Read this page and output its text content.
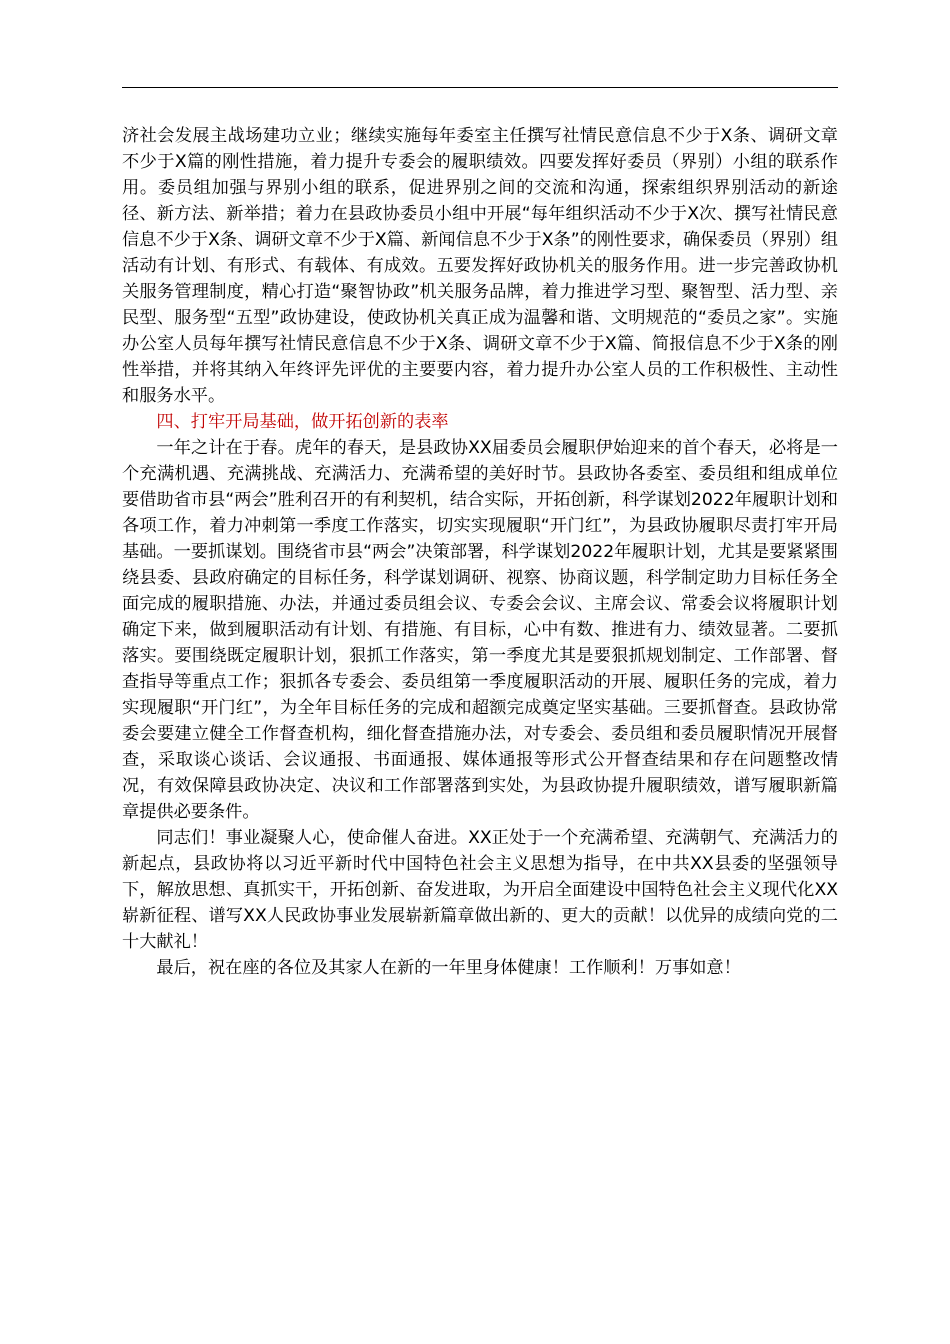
济社会发展主战场建功立业；继续实施每年委室主任撰写社情民意信息不少于X条、调研文章不少于X篇的刚性措施，着力提升专委会的履职绩效。四要发挥好委员（界别）小组的联系作用。委员组加强与界别小组的联系，促进界别之间的交流和沟通，探索组织界别活动的新途径、新方法、新举措；着力在县政协委员小组中开展“每年组织活动不少于X次、撰写社情民意信息不少于X条、调研文章不少于X篇、新闻信息不少于X条”的刚性要求，确保委员（界别）组活动有计划、有形式、有载体、有成效。五要发挥好政协机关的服务作用。进一步完善政协机关服务管理制度，精心打造“聚智协政”机关服务品牌，着力推进学习型、聚智型、活力型、亲民型、服务型“五型”政协建设，使政协机关真正成为温馨和谐、文明规范的“委员之家”。实施办公室人员每年撰写社情民意信息不少于X条、调研文章不少于X篇、简报信息不少于X条的刚性举措，并将其纳入年终评先评优的主要要内容，着力提升办公室人员的工作积极性、主动性和服务水平。

四、打牢开局基础，做开拓创新的表率

一年之计在于春。虎年的春天，是县政协XX届委员会履职伊始迎来的首个春天，必将是一个充满机遇、充满挑战、充满活力、充满希望的美好时节。县政协各委室、委员组和组成单位要借助省市县“两会”胜利召开的有利契机，结合实际，开拓创新，科学谋划2022年履职计划和各项工作，着力冲刺第一季度工作落实，切实实现履职“开门红”，为县政协履职尽责打牢开局基础。一要抓谋划。围绕省市县“两会”决策部署，科学谋划2022年履职计划，尤其是要紧紧围绕县委、县政府确定的目标任务，科学谋划调研、视察、协商议题，科学制定助力目标任务全面完成的履职措施、办法，并通过委员组会议、专委会会议、主席会议、常委会议将履职计划确定下来，做到履职活动有计划、有措施、有目标，心中有数、推进有力、绩效显著。二要抓落实。要围绕既定履职计划，狠抓工作落实，第一季度尤其是要狠抓规划制定、工作部署、督查指导等重点工作；狠抓各专委会、委员组第一季度履职活动的开展、履职任务的完成，着力实现履职“开门红”，为全年目标任务的完成和超额完成奠定坚实基础。三要抓督查。县政协常委会要建立健全工作督查机构，细化督查措施办法，对专委会、委员组和委员履职情况开展督查，采取谈心谈话、会议通报、书面通报、媒体通报等形式公开督查结果和存在问题整改情况，有效保障县政协决定、决议和工作部署落到实处，为县政协提升履职绩效，谱写履职新篇章提供必要条件。

同志们！事业凝聚人心，使命催人奋进。XX正处于一个充满希望、充满朝气、充满活力的新起点，县政协将以习近平新时代中国特色社会主义思想为指导，在中共XX县委的坚强领导下，解放思想、真抓实干，开拓创新、奋发进取，为开启全面建设中国特色社会主义现代化XX崭新征程、谱写XX人民政协事业发展崭新篇章做出新的、更大的贡献！以优异的成绩向党的二十大献礼！

最后，祝在座的各位及其家人在新的一年里身体健康！工作顺利！万事如意！
